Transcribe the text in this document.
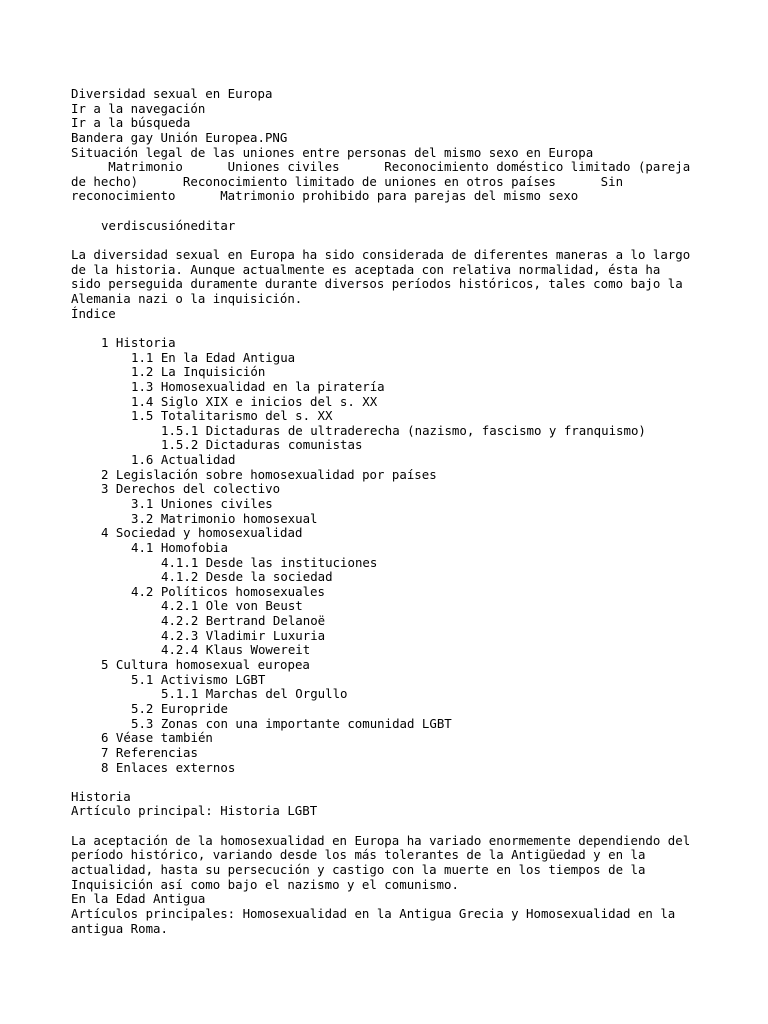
Diversidad sexual en Europa
Ir a la navegación
Ir a la búsqueda
Bandera gay Unión Europea.PNG
Situación legal de las uniones entre personas del mismo sexo en Europa
Matrimonio      Uniones civiles      Reconocimiento doméstico limitado (pareja
de hecho)      Reconocimiento limitado de uniones en otros países      Sin
reconocimiento      Matrimonio prohibido para parejas del mismo sexo
verdiscusióneditar
La diversidad sexual en Europa ha sido considerada de diferentes maneras a lo largo
de la historia. Aunque actualmente es aceptada con relativa normalidad, ésta ha
sido perseguida duramente durante diversos períodos históricos, tales como bajo la
Alemania nazi o la inquisición.
Índice
1 Historia
1.1 En la Edad Antigua
1.2 La Inquisición
1.3 Homosexualidad en la piratería
1.4 Siglo XIX e inicios del s. XX
1.5 Totalitarismo del s. XX
1.5.1 Dictaduras de ultraderecha (nazismo, fascismo y franquismo)
1.5.2 Dictaduras comunistas
1.6 Actualidad
2 Legislación sobre homosexualidad por países
3 Derechos del colectivo
3.1 Uniones civiles
3.2 Matrimonio homosexual
4 Sociedad y homosexualidad
4.1 Homofobia
4.1.1 Desde las instituciones
4.1.2 Desde la sociedad
4.2 Políticos homosexuales
4.2.1 Ole von Beust
4.2.2 Bertrand Delanoë
4.2.3 Vladimir Luxuria
4.2.4 Klaus Wowereit
5 Cultura homosexual europea
5.1 Activismo LGBT
5.1.1 Marchas del Orgullo
5.2 Europride
5.3 Zonas con una importante comunidad LGBT
6 Véase también
7 Referencias
8 Enlaces externos
Historia
Artículo principal: Historia LGBT
La aceptación de la homosexualidad en Europa ha variado enormemente dependiendo del
período histórico, variando desde los más tolerantes de la Antigüedad y en la
actualidad, hasta su persecución y castigo con la muerte en los tiempos de la
Inquisición así como bajo el nazismo y el comunismo.
En la Edad Antigua
Artículos principales: Homosexualidad en la Antigua Grecia y Homosexualidad en la
antigua Roma.
